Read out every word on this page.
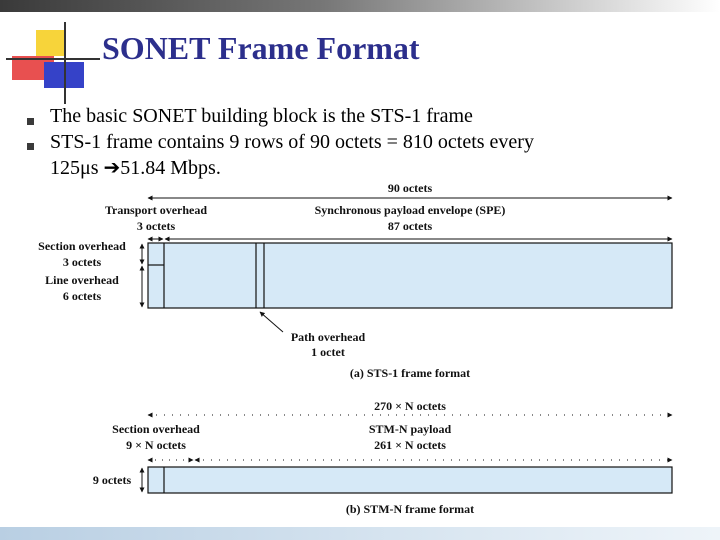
SONET Frame Format
The basic SONET building block is the STS-1 frame
STS-1 frame contains 9 rows of 90 octets = 810 octets every
125μs ➔51.84 Mbps.
90 octets
Transport overhead
3 octets
Synchronous payload envelope (SPE)
87 octets
Section overhead
3 octets
Line overhead
6 octets
Path overhead
1 octet
(a) STS-1 frame format
270 × N octets
Section overhead
9 × N octets
STM-N payload
261 × N octets
9 octets
(b) STM-N frame format
